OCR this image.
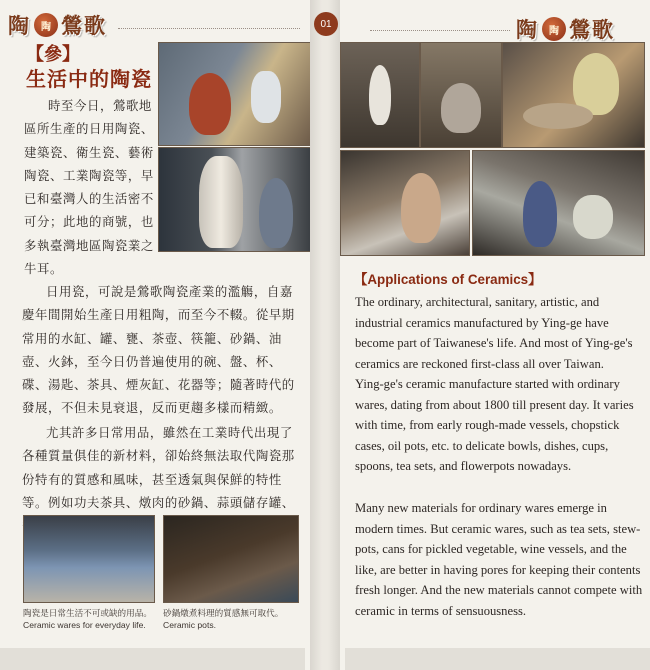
陶	陶 鶯歌
【參】
生活中的陶瓷
時至今日，鶯歌地區所生產的日用陶瓷、建築瓷、衛生瓷、藝術陶瓷、工業陶瓷等，早已和臺灣人的生活密不可分；此地的商號，也多執臺灣地區陶瓷業之牛耳。
日用瓷，可說是鶯歌陶瓷產業的濫觴，自嘉慶年間開始生產日用粗陶，而至今不輟。從早期常用的水缸、罐、甕、茶壺、筷籠、砂鍋、油壺、火鉢，至今日仍普遍使用的碗、盤、杯、碟、湯匙、茶具、煙灰缸、花器等；隨著時代的發展，不但未見衰退，反而更趨多樣而精緻。
尤其許多日常用品，雖然在工業時代出現了各種質量俱佳的新材料，卻始終無法取代陶瓷那份特有的質感和風味，甚至透氣與保鮮的特性等。例如功夫茶具、燉肉的砂鍋、蒜頭儲存罐、
陶瓷是日常生活不可或缺的用品。
Ceramic wares for everyday life.
砂鍋燉煮料理的質感無可取代。
Ceramic pots.
01	陶	陶 鶯歌
【Applications of Ceramics】
The ordinary, architectural, sanitary, artistic, and industrial ceramics manufactured by Ying-ge have become part of Taiwanese's life. And most of Ying-ge's ceramics are reckoned first-class all over Taiwan.
Ying-ge's ceramic manufacture started with ordinary wares, dating from about 1800 till present day. It varies with time, from early rough-made vessels, chopstick cases, oil pots, etc. to delicate bowls, dishes, cups, spoons, tea sets, and flowerpots nowadays.
Many new materials for ordinary wares emerge in modern times. But ceramic wares, such as tea sets, stew-pots, cans for pickled vegetable, wine vessels, and the like, are better in having pores for keeping their contents fresh longer. And the new materials cannot compete with ceramic in terms of sensuousness.
